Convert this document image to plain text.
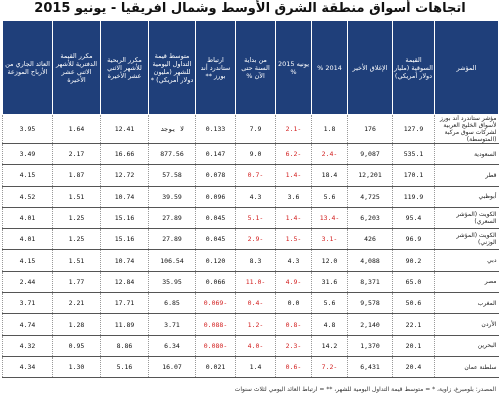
اتجاهات أسواق منطقة الشرق الأوسط وشمال افريقيا - يونيو 2015
المؤشر	القيمة السوقية (مليار دولار أمريكي)	الإغلاق الأخير	2014 %	يونيه 2015 %	من بداية السنة حتى الآن %	ارتباط ستاندرد أند بورز **	متوسط قيمة التداول اليومية للشهر (مليون دولار أمريكي) *	مكرر الربحية للأشهر الاثني عشر الأخيرة	مكرر القيمة الدفترية للأشهر الاثني عشر الأخيرة	العائد الجاري من الأرباح الموزعة
مؤشر ستاندرد أند بورز لأسواق الخليج العربية لشركات سوق مركبة (المتوسطة)	127.9	176	1.8	-2.1	7.9	0.133	لا يوجد	12.41	1.64	3.95
السعودية	535.1	9,087	-2.4	-6.2	9.0	0.147	877.56	16.66	2.17	3.49
قطر	170.1	12,201	18.4	-1.4	-0.7	0.078	57.58	12.72	1.87	4.15
أبوظبي	119.9	4,725	5.6	3.6	4.3	0.096	39.59	10.74	1.51	4.52
الكويت (المؤشر السعري)	95.4	6,203	-13.4	-1.4	-5.1	0.045	27.89	15.16	1.25	4.01
الكويت (المؤشر الوزني)	96.9	426	-3.1	-1.5	-2.9	0.045	27.89	15.16	1.25	4.01
دبي	90.2	4,088	12.0	4.3	8.3	0.120	106.54	10.74	1.51	4.15
مصر	65.0	8,371	31.6	-4.9	-11.0	0.066	35.95	12.84	1.77	2.44
المغرب	50.6	9,578	5.6	0.0	-0.4	-0.069	6.85	17.71	2.21	3.71
الأردن	22.1	2,140	4.8	-0.8	-1.2	-0.088	3.71	11.89	1.28	4.74
البحرين	20.1	1,370	14.2	-2.3	-4.0	-0.080	6.34	8.86	0.95	4.32
سلطنة عمان	20.4	6,431	-7.2	-0.6	1.4	0.021	16.07	5.16	1.30	4.34
المصدر: بلومبرغ، زاوية، * = متوسط قيمة التداول اليومية للشهر، ** = ارتباط العائد اليومي لثلاث سنوات
